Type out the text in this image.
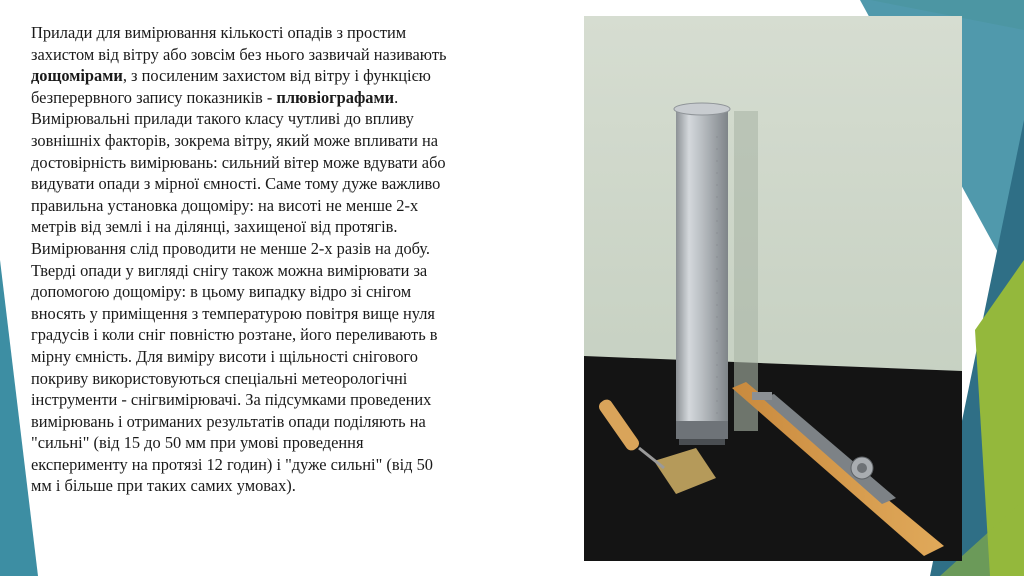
Прилади для вимірювання кількості опадів з простим
захистом від вітру або зовсім без нього зазвичай називають
дощомірами, з посиленим захистом від вітру і функцією
безперервного запису показників - плювіографами.
Вимірювальні прилади такого класу чутливі до впливу
зовнішніх факторів, зокрема вітру, який може впливати на
достовірність вимірювань: сильний вітер може вдувати або
видувати опади з мірної ємності. Саме тому дуже важливо
правильна установка дощоміру: на висоті не менше 2-х
метрів від землі і на ділянці, захищеної від протягів.
Вимірювання слід проводити не менше 2-х разів на добу.
Тверді опади у вигляді снігу також можна вимірювати за
допомогою дощоміру: в цьому випадку відро зі снігом
вносять у приміщення з температурою повітря вище нуля
градусів і коли сніг повністю розтане, його переливають в
мірну ємність. Для виміру висоти і щільності снігового
покриву використовуються спеціальні метеорологічні
інструменти - снігвимірювачі. За підсумками проведених
вимірювань і отриманих результатів опади поділяють на
"сильні" (від 15 до 50 мм при умові проведення
експерименту на протязі 12 годин) і "дуже сильні" (від 50
мм і більше при таких самих умовах).
